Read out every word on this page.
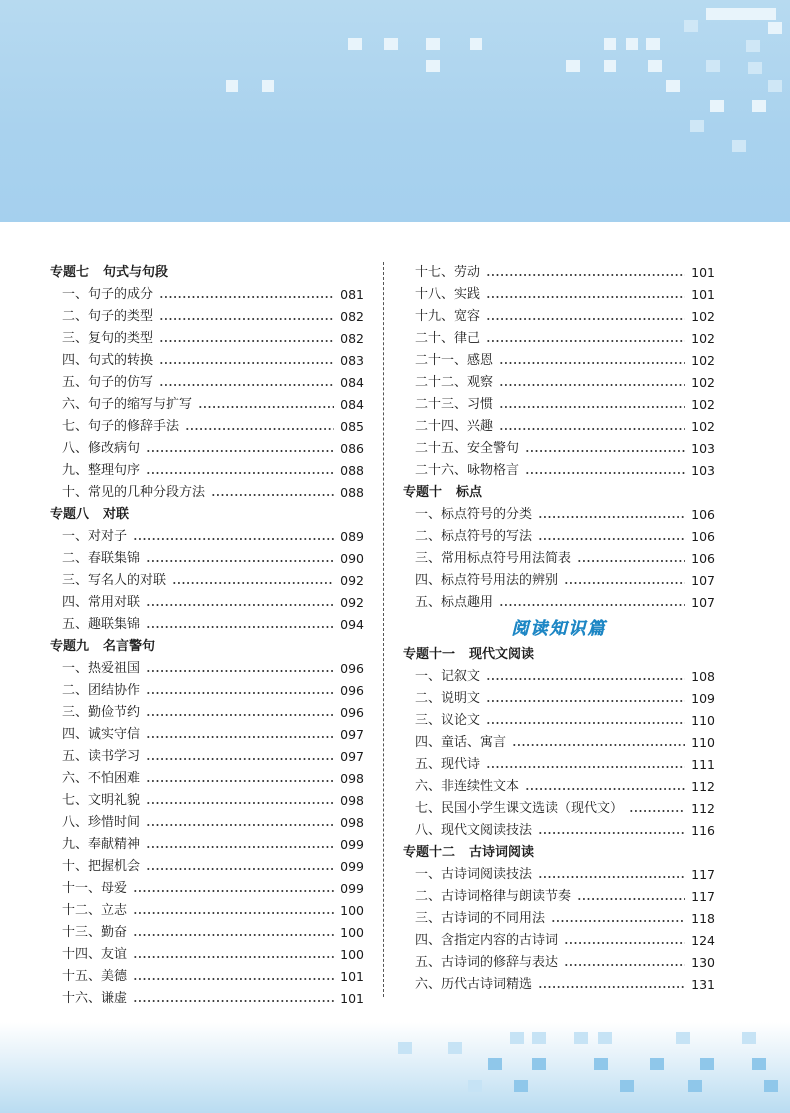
专题七 句式与句段
一、句子的成分	081
二、句子的类型	082
三、复句的类型	082
四、句式的转换	083
五、句子的仿写	084
六、句子的缩写与扩写	084
七、句子的修辞手法	085
八、修改病句	086
九、整理句序	088
十、常见的几种分段方法	088
专题八 对联
一、对对子	089
二、春联集锦	090
三、写名人的对联	092
四、常用对联	092
五、趣联集锦	094
专题九 名言警句
一、热爱祖国	096
二、团结协作	096
三、勤俭节约	096
四、诚实守信	097
五、读书学习	097
六、不怕困难	098
七、文明礼貌	098
八、珍惜时间	098
九、奉献精神	099
十、把握机会	099
十一、母爱	099
十二、立志	100
十三、勤奋	100
十四、友谊	100
十五、美德	101
十六、谦虚	101
十七、劳动	101
十八、实践	101
十九、宽容	102
二十、律己	102
二十一、感恩	102
二十二、观察	102
二十三、习惯	102
二十四、兴趣	102
二十五、安全警句	103
二十六、咏物格言	103
专题十 标点
一、标点符号的分类	106
二、标点符号的写法	106
三、常用标点符号用法简表	106
四、标点符号用法的辨别	107
五、标点趣用	107
阅读知识篇
专题十一 现代文阅读
一、记叙文	108
二、说明文	109
三、议论文	110
四、童话、寓言	110
五、现代诗	111
六、非连续性文本	112
七、民国小学生课文选读（现代文）	112
八、现代文阅读技法	116
专题十二 古诗词阅读
一、古诗词阅读技法	117
二、古诗词格律与朗读节奏	117
三、古诗词的不同用法	118
四、含指定内容的古诗词	124
五、古诗词的修辞与表达	130
六、历代古诗词精选	131
